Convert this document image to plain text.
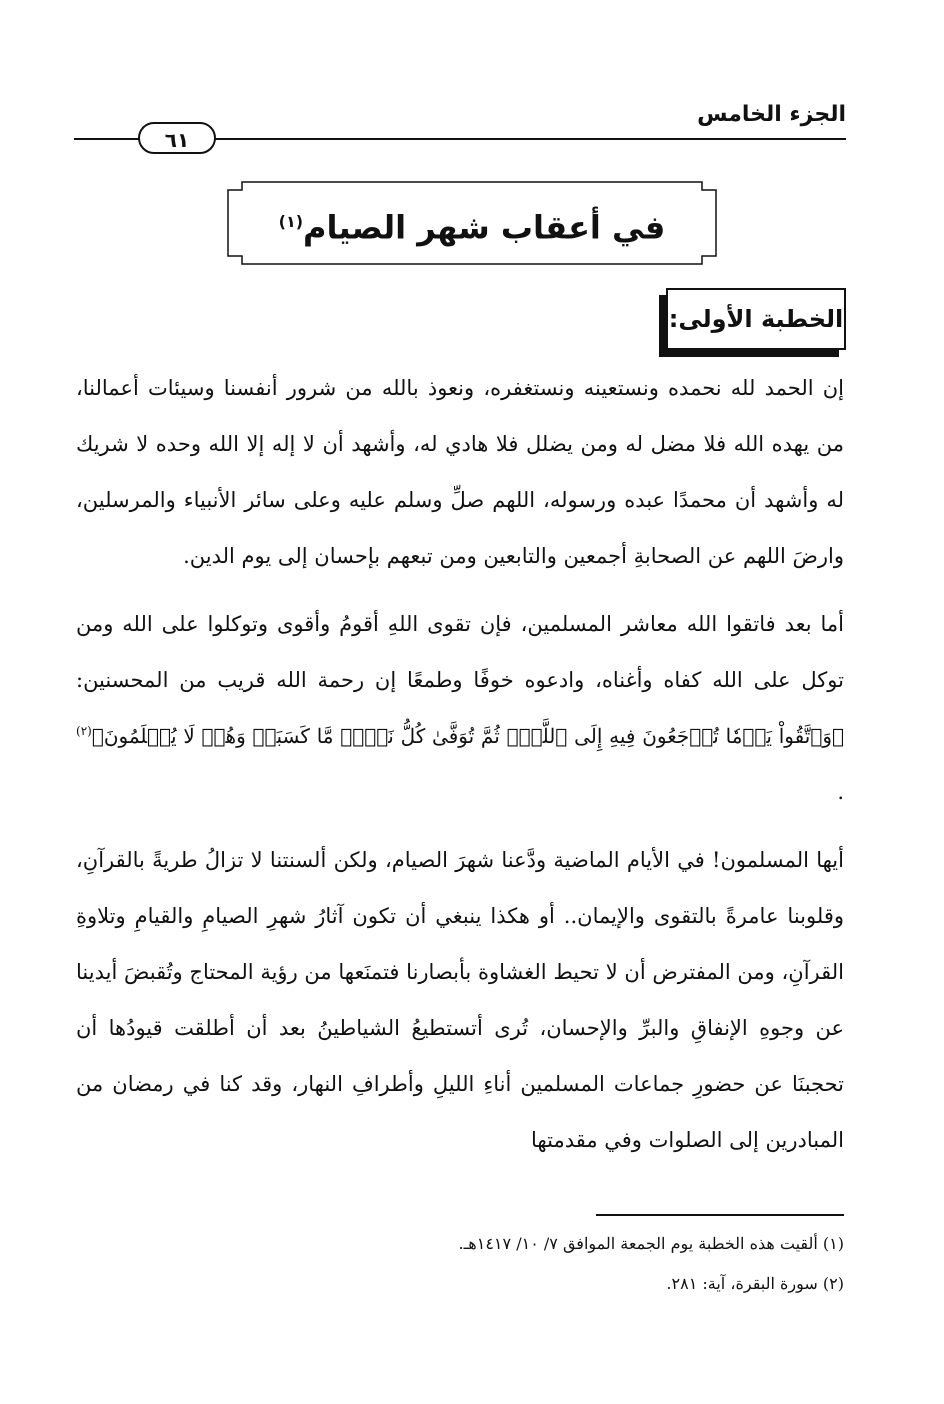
الجزء الخامس
٦١
في أعقاب شهر الصيام$^{(١)}$
الخطبة الأولى:

إن الحمد لله نحمده ونستعينه ونستغفره، ونعوذ بالله من شرور أنفسنا وسيئات أعمالنا، من يهده الله فلا مضل له ومن يضلل فلا هادي له، وأشهد أن لا إله إلا الله وحده لا شريك له وأشهد أن محمدًا عبده ورسوله، اللهم صلِّ وسلم عليه وعلى سائر الأنبياء والمرسلين، وارضَ اللهم عن الصحابةِ أجمعين والتابعين ومن تبعهم بإحسان إلى يوم الدين.

أما بعد فاتقوا الله معاشر المسلمين، فإن تقوى اللهِ أقومُ وأقوى وتوكلوا على الله ومن توكل على الله كفاه وأغناه، وادعوه خوفًا وطمعًا إن رحمة الله قريب من المحسنين: ﴿وَٱتَّقُواْ يَوۡمٗا تُرۡجَعُونَ فِيهِ إِلَى ٱللَّهِۖ ثُمَّ تُوَفَّىٰ كُلُّ نَفۡسٖ مَّا كَسَبَتۡ وَهُمۡ لَا يُظۡلَمُونَ﴾$^{(٢)}$ .

أيها المسلمون! في الأيام الماضية ودَّعنا شهرَ الصيام، ولكن ألسنتنا لا تزالُ طريةً بالقرآنِ، وقلوبنا عامرةً بالتقوى والإيمان.. أو هكذا ينبغي أن تكون آثارُ شهرِ الصيامِ والقيامِ وتلاوةِ القرآنِ، ومن المفترض أن لا تحيط الغشاوة بأبصارنا فتمنَعها من رؤية المحتاج وتُقبضَ أيدينا عن وجوهِ الإنفاقِ والبرِّ والإحسان، تُرى أتستطيعُ الشياطينُ بعد أن أطلقت قيودُها أن تحجبنَا عن حضورِ جماعات المسلمين أناءِ الليلِ وأطرافِ النهار، وقد كنا في رمضان من المبادرين إلى الصلوات وفي مقدمتها

(١) ألقيت هذه الخطبة يوم الجمعة الموافق ٧/ ١٠/ ١٤١٧هـ.

(٢) سورة البقرة، آية: ٢٨١.
